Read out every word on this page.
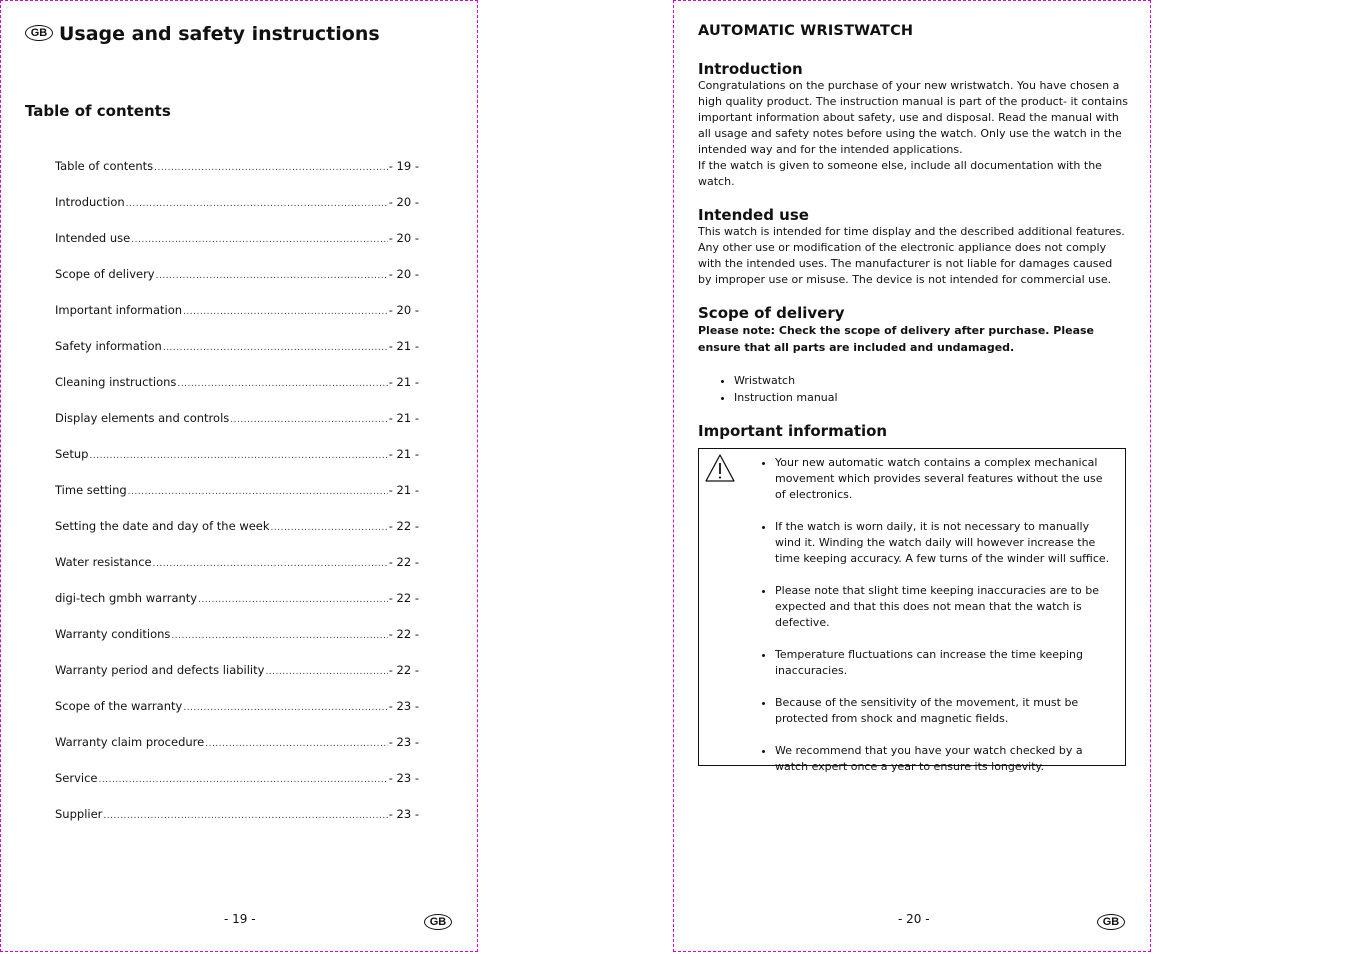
GB Usage and safety instructions
Table of contents
Table of contents .....	- 19 -
Introduction .....	- 20 -
Intended use .....	- 20 -
Scope of delivery .....	- 20 -
Important information .....	- 20 -
Safety information .....	- 21 -
Cleaning instructions .....	- 21 -
Display elements and controls .....	- 21 -
Setup .....	- 21 -
Time setting .....	- 21 -
Setting the date and day of the week .....	- 22 -
Water resistance .....	- 22 -
digi-tech gmbh warranty .....	- 22 -
Warranty conditions .....	- 22 -
Warranty period and defects liability .....	- 22 -
Scope of the warranty .....	- 23 -
Warranty claim procedure .....	- 23 -
Service .....	- 23 -
Supplier .....	- 23 -
- 19 -	GB
AUTOMATIC WRISTWATCH
Introduction

Congratulations on the purchase of your new wristwatch. You have chosen a high quality product. The instruction manual is part of the product- it contains important information about safety, use and disposal. Read the manual with all usage and safety notes before using the watch. Only use the watch in the intended way and for the intended applications.

If the watch is given to someone else, include all documentation with the watch.

Intended use

This watch is intended for time display and the described additional features. Any other use or modification of the electronic appliance does not comply with the intended uses. The manufacturer is not liable for damages caused by improper use or misuse. The device is not intended for commercial use.

Scope of delivery

Please note: Check the scope of delivery after purchase. Please ensure that all parts are included and undamaged.

• Wristwatch
• Instruction manual
Important information
• Your new automatic watch contains a complex mechanical movement which provides several features without the use of electronics.
• If the watch is worn daily, it is not necessary to manually wind it. Winding the watch daily will however increase the time keeping accuracy. A few turns of the winder will suffice.
• Please note that slight time keeping inaccuracies are to be expected and that this does not mean that the watch is defective.
• Temperature fluctuations can increase the time keeping inaccuracies.
• Because of the sensitivity of the movement, it must be protected from shock and magnetic fields.
• We recommend that you have your watch checked by a watch expert once a year to ensure its longevity.
- 20 -	GB
